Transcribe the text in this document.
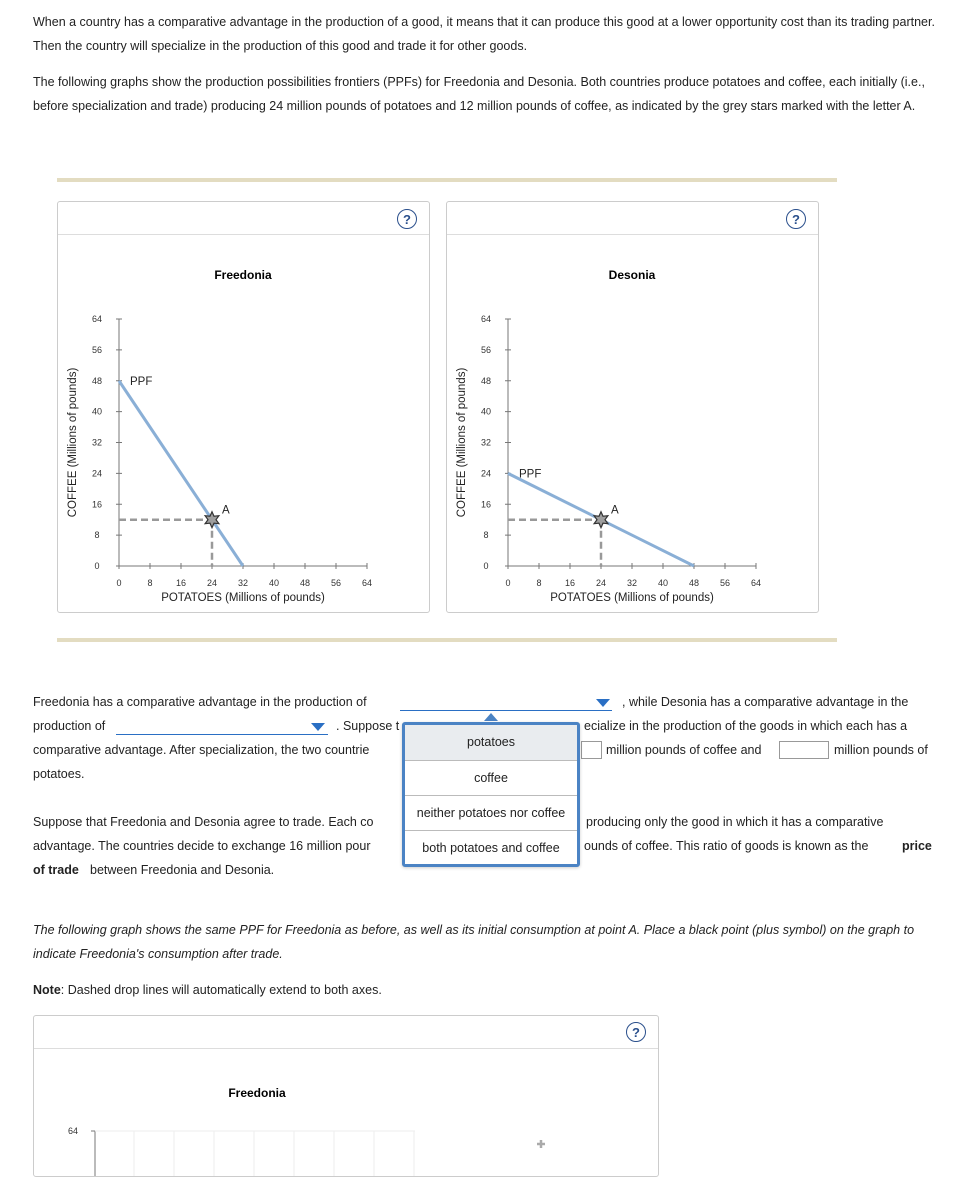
When a country has a comparative advantage in the production of a good, it means that it can produce this good at a lower opportunity cost than its trading partner. Then the country will specialize in the production of this good and trade it for other goods.

The following graphs show the production possibilities frontiers (PPFs) for Freedonia and Desonia. Both countries produce potatoes and coffee, each initially (i.e., before specialization and trade) producing 24 million pounds of potatoes and 12 million pounds of coffee, as indicated by the grey stars marked with the letter A.

?
Freedonia
0
8
16
24
32
40
48
56
64
0	8	16 24 32 40 48 56 64
POTATOES (Millions of pounds)
COFFEE (Millions of pounds)	PPF
A
?
Desonia
0
8
16
24
32
40
48
56
64
0	8	16 24 32 40 48 56 64
POTATOES (Millions of pounds)
COFFEE (Millions of pounds)	PPF
A
Freedonia has a comparative advantage in the production of	, while Desonia has a comparative advantage in the
production of	. Suppose t	ecialize in the production of the goods in which each has a
comparative advantage. After specialization, the two countrie	million pounds of coffee and	million pounds of
potatoes.
Suppose that Freedonia and Desonia agree to trade. Each co	producing only the good in which it has a comparative
advantage. The countries decide to exchange 16 million pour	ounds of coffee. This ratio of goods is known as the	price
of trade between Freedonia and Desonia.
potatoes
coffee
neither potatoes nor coffee
both potatoes and coffee

The following graph shows the same PPF for Freedonia as before, as well as its initial consumption at point A. Place a black point (plus symbol) on the graph to indicate Freedonia's consumption after trade.

Note: Dashed drop lines will automatically extend to both axes.
?
Freedonia
64
